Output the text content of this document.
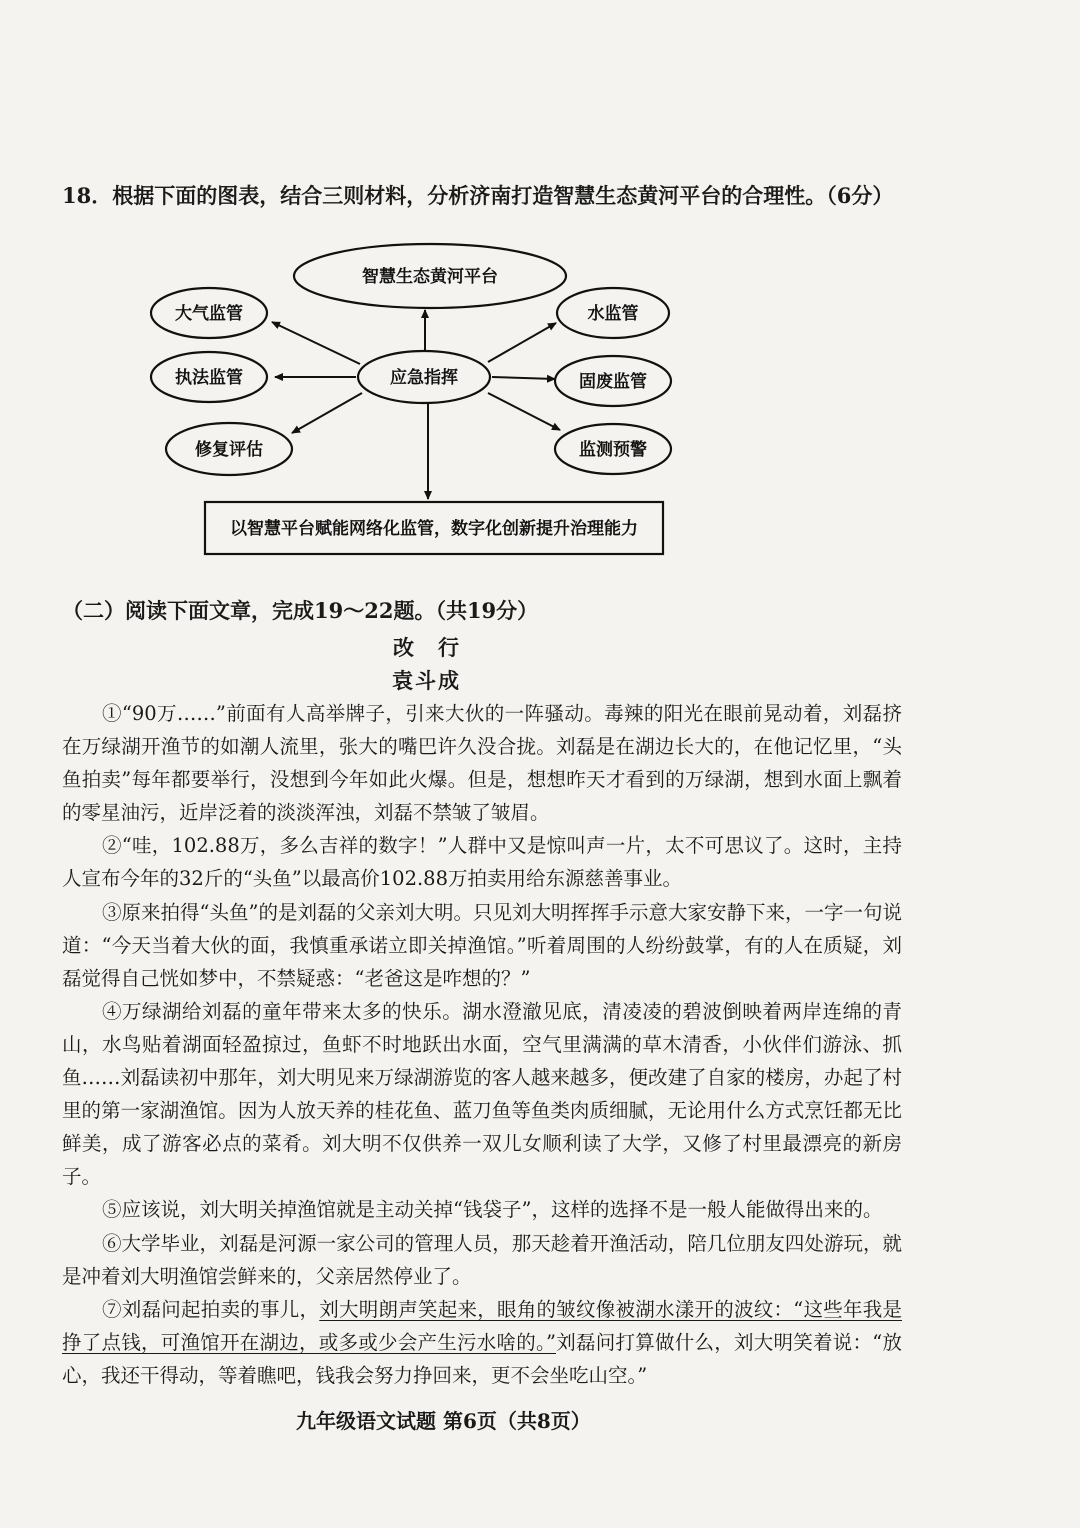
18．根据下面的图表，结合三则材料，分析济南打造智慧生态黄河平台的合理性。（6分）
智慧生态黄河平台
应急指挥
大气监管
执法监管
修复评估
水监管
固废监管
监测预警
以智慧平台赋能网络化监管，数字化创新提升治理能力
（二）阅读下面文章，完成19～22题。（共19分）
改行
袁斗成

①“90万……”前面有人高举牌子，引来大伙的一阵骚动。毒辣的阳光在眼前晃动着，刘磊挤在万绿湖开渔节的如潮人流里，张大的嘴巴许久没合拢。刘磊是在湖边长大的，在他记忆里，“头鱼拍卖”每年都要举行，没想到今年如此火爆。但是，想想昨天才看到的万绿湖，想到水面上飘着的零星油污，近岸泛着的淡淡浑浊，刘磊不禁皱了皱眉。

②“哇，102.88万，多么吉祥的数字！”人群中又是惊叫声一片，太不可思议了。这时，主持人宣布今年的32斤的“头鱼”以最高价102.88万拍卖用给东源慈善事业。

③原来拍得“头鱼”的是刘磊的父亲刘大明。只见刘大明挥挥手示意大家安静下来，一字一句说道：“今天当着大伙的面，我慎重承诺立即关掉渔馆。”听着周围的人纷纷鼓掌，有的人在质疑，刘磊觉得自己恍如梦中，不禁疑惑：“老爸这是咋想的？”

④万绿湖给刘磊的童年带来太多的快乐。湖水澄澈见底，清凌凌的碧波倒映着两岸连绵的青山，水鸟贴着湖面轻盈掠过，鱼虾不时地跃出水面，空气里满满的草木清香，小伙伴们游泳、抓鱼……刘磊读初中那年，刘大明见来万绿湖游览的客人越来越多，便改建了自家的楼房，办起了村里的第一家湖渔馆。因为人放天养的桂花鱼、蓝刀鱼等鱼类肉质细腻，无论用什么方式烹饪都无比鲜美，成了游客必点的菜肴。刘大明不仅供养一双儿女顺利读了大学，又修了村里最漂亮的新房子。

⑤应该说，刘大明关掉渔馆就是主动关掉“钱袋子”，这样的选择不是一般人能做得出来的。

⑥大学毕业，刘磊是河源一家公司的管理人员，那天趁着开渔活动，陪几位朋友四处游玩，就是冲着刘大明渔馆尝鲜来的，父亲居然停业了。

⑦刘磊问起拍卖的事儿，刘大明朗声笑起来，眼角的皱纹像被湖水漾开的波纹：“这些年我是挣了点钱，可渔馆开在湖边，或多或少会产生污水啥的。”刘磊问打算做什么，刘大明笑着说：“放心，我还干得动，等着瞧吧，钱我会努力挣回来，更不会坐吃山空。”

九年级语文试题 第6页（共8页）
